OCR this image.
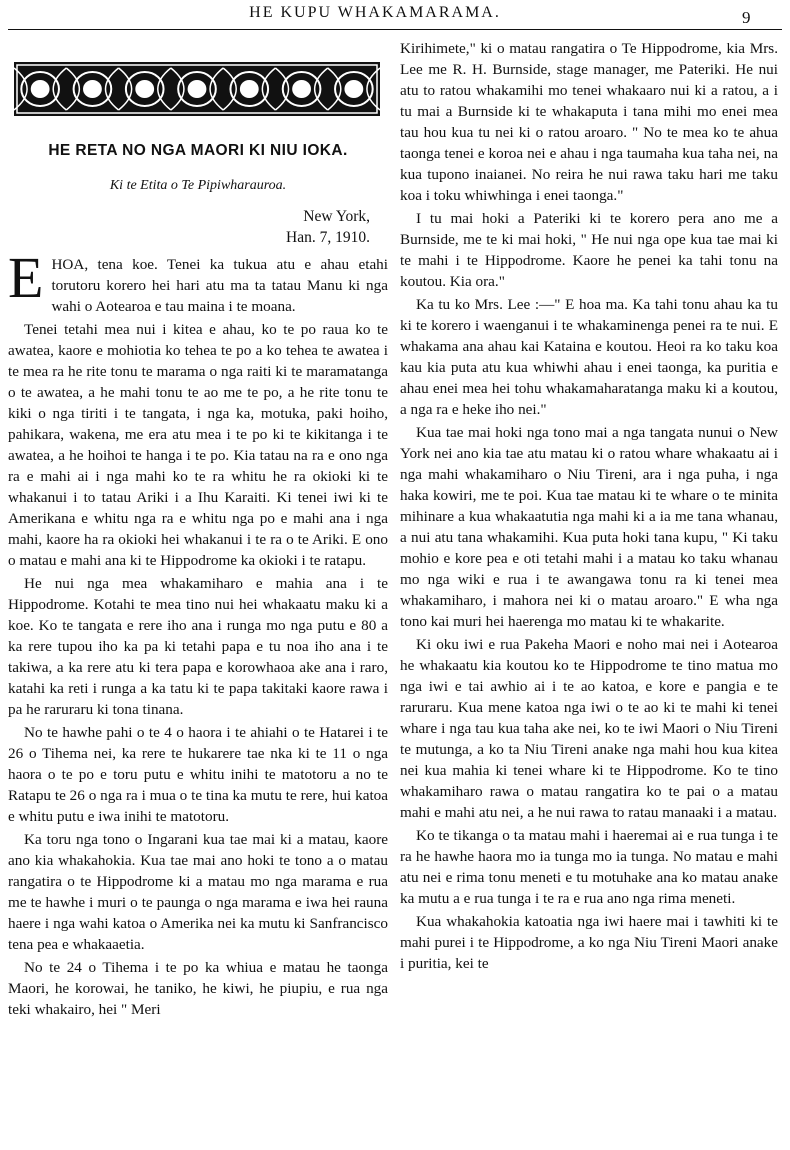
HE KUPU WHAKAMARAMA.	9
HE RETA NO NGA MAORI KI NIU IOKA.
Ki te Etita o Te Pipiwharauroa.
New York,
Han. 7, 1910.

EHOA, tena koe. Tenei ka tukua atu e ahau etahi torutoru korero hei hari atu ma ta tatau Manu ki nga wahi o Aotearoa e tau maina i te moana.

Tenei tetahi mea nui i kitea e ahau, ko te po raua ko te awatea, kaore e mohiotia ko tehea te po a ko tehea te awatea i te mea ra he rite tonu te marama o nga raiti ki te maramatanga o te awatea, a he mahi tonu te ao me te po, a he rite tonu te kiki o nga tiriti i te tangata, i nga ka, motuka, paki hoiho, pahikara, wakena, me era atu mea i te po ki te kikitanga i te awatea, a he hoihoi te hanga i te po. Kia tatau na ra e ono nga ra e mahi ai i nga mahi ko te ra whitu he ra okioki ki te whakanui i to tatau Ariki i a Ihu Karaiti. Ki tenei iwi ki te Amerikana e whitu nga ra e whitu nga po e mahi ana i nga mahi, kaore ha ra okioki hei whakanui i te ra o te Ariki. E ono o matau e mahi ana ki te Hippodrome ka okioki i te ratapu.

He nui nga mea whakamiharo e mahia ana i te Hippodrome. Kotahi te mea tino nui hei whakaatu maku ki a koe. Ko te tangata e rere iho ana i runga mo nga putu e 80 a ka rere tupou iho ka pa ki tetahi papa e tu noa iho ana i te takiwa, a ka rere atu ki tera papa e korowhaoa ake ana i raro, katahi ka reti i runga a ka tatu ki te papa takitaki kaore rawa i pa he raruraru ki tona tinana.

No te hawhe pahi o te 4 o haora i te ahiahi o te Hatarei i te 26 o Tihema nei, ka rere te hukarere tae nka ki te 11 o nga haora o te po e toru putu e whitu inihi te matotoru a no te Ratapu te 26 o nga ra i mua o te tina ka mutu te rere, hui katoa e whitu putu e iwa inihi te matotoru.

Ka toru nga tono o Ingarani kua tae mai ki a matau, kaore ano kia whakahokia. Kua tae mai ano hoki te tono a o matau rangatira o te Hippodrome ki a matau mo nga marama e rua me te hawhe i muri o te paunga o nga marama e iwa hei rauna haere i nga wahi katoa o Amerika nei ka mutu ki Sanfrancisco tena pea e whakaaetia.

No te 24 o Tihema i te po ka whiua e matau he taonga Maori, he korowai, he taniko, he kiwi, he piupiu, e rua nga teki whakairo, hei " Meri

Kirihimete," ki o matau rangatira o Te Hippodrome, kia Mrs. Lee me R. H. Burnside, stage manager, me Pateriki. He nui atu to ratou whakamihi mo tenei whakaaro nui ki a ratou, a i tu mai a Burnside ki te whakaputa i tana mihi mo enei mea tau hou kua tu nei ki o ratou aroaro. " No te mea ko te ahua taonga tenei e koroa nei e ahau i nga taumaha kua taha nei, na kua tupono inaianei. No reira he nui rawa taku hari me taku koa i toku whiwhinga i enei taonga."

I tu mai hoki a Pateriki ki te korero pera ano me a Burnside, me te ki mai hoki, " He nui nga ope kua tae mai ki te mahi i te Hippodrome. Kaore he penei ka tahi tonu na koutou. Kia ora."

Ka tu ko Mrs. Lee :—" E hoa ma. Ka tahi tonu ahau ka tu ki te korero i waenganui i te whakaminenga penei ra te nui. E whakama ana ahau kai Kataina e koutou. Heoi ra ko taku koa kau kia puta atu kua whiwhi ahau i enei taonga, ka puritia e ahau enei mea hei tohu whakamaharatanga maku ki a koutou, a nga ra e heke iho nei."

Kua tae mai hoki nga tono mai a nga tangata nunui o New York nei ano kia tae atu matau ki o ratou whare whakaatu ai i nga mahi whakamiharo o Niu Tireni, ara i nga puha, i nga haka kowiri, me te poi. Kua tae matau ki te whare o te minita mihinare a kua whakaatutia nga mahi ki a ia me tana whanau, a nui atu tana whakamihi. Kua puta hoki tana kupu, " Ki taku mohio e kore pea e oti tetahi mahi i a matau ko taku whanau mo nga wiki e rua i te awangawa tonu ra ki tenei mea whakamiharo, i mahora nei ki o matau aroaro." E wha nga tono kai muri hei haerenga mo matau ki te whakarite.

Ki oku iwi e rua Pakeha Maori e noho mai nei i Aotearoa he whakaatu kia koutou ko te Hippodrome te tino matua mo nga iwi e tai awhio ai i te ao katoa, e kore e pangia e te raruraru. Kua mene katoa nga iwi o te ao ki te mahi ki tenei whare i nga tau kua taha ake nei, ko te iwi Maori o Niu Tireni te mutunga, a ko ta Niu Tireni anake nga mahi hou kua kitea nei kua mahia ki tenei whare ki te Hippodrome. Ko te tino whakamiharo rawa o matau rangatira ko te pai o a matau mahi e mahi atu nei, a he nui rawa to ratau manaaki i a matau.

Ko te tikanga o ta matau mahi i haeremai ai e rua tunga i te ra he hawhe haora mo ia tunga mo ia tunga. No matau e mahi atu nei e rima tonu meneti e tu motuhake ana ko matau anake ka mutu a e rua tunga i te ra e rua ano nga rima meneti.

Kua whakahokia katoatia nga iwi haere mai i tawhiti ki te mahi purei i te Hippodrome, a ko nga Niu Tireni Maori anake i puritia, kei te
